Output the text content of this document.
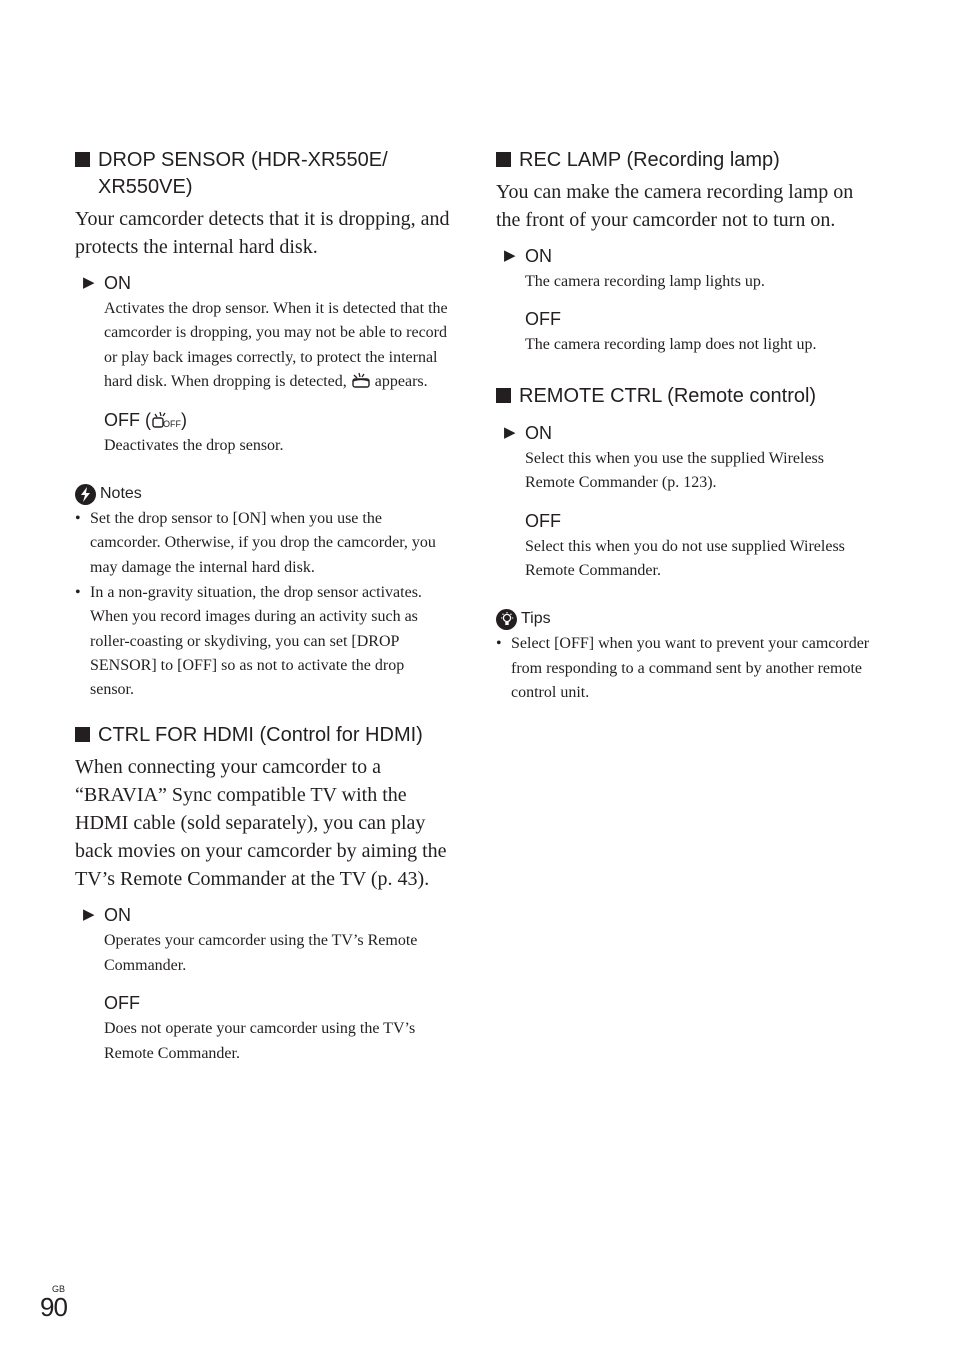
DROP SENSOR (HDR-XR550E/
XR550VE)

Your camcorder detects that it is dropping, and protects the internal hard disk.

▶ ON

Activates the drop sensor. When it is detected that the camcorder is dropping, you may not be able to record or play back images correctly, to protect the internal hard disk. When dropping is detected, appears.

OFF ( OFF )

Deactivates the drop sensor.

Notes
• Set the drop sensor to [ON] when you use the camcorder. Otherwise, if you drop the camcorder, you may damage the internal hard disk.
• In a non-gravity situation, the drop sensor activates. When you record images during an activity such as roller-coasting or skydiving, you can set [DROP SENSOR] to [OFF] so as not to activate the drop sensor.
CTRL FOR HDMI (Control for HDMI)

When connecting your camcorder to a “BRAVIA” Sync compatible TV with the HDMI cable (sold separately), you can play back movies on your camcorder by aiming the TV’s Remote Commander at the TV (p. 43).

▶ ON

Operates your camcorder using the TV’s Remote Commander.

OFF

Does not operate your camcorder using the TV’s Remote Commander.

REC LAMP (Recording lamp)

You can make the camera recording lamp on the front of your camcorder not to turn on.

▶ ON

The camera recording lamp lights up.

OFF

The camera recording lamp does not light up.

REMOTE CTRL (Remote control)
▶ ON

Select this when you use the supplied Wireless Remote Commander (p. 123).

OFF

Select this when you do not use supplied Wireless Remote Commander.

Tips
• Select [OFF] when you want to prevent your camcorder from responding to a command sent by another remote control unit.
GB
90
